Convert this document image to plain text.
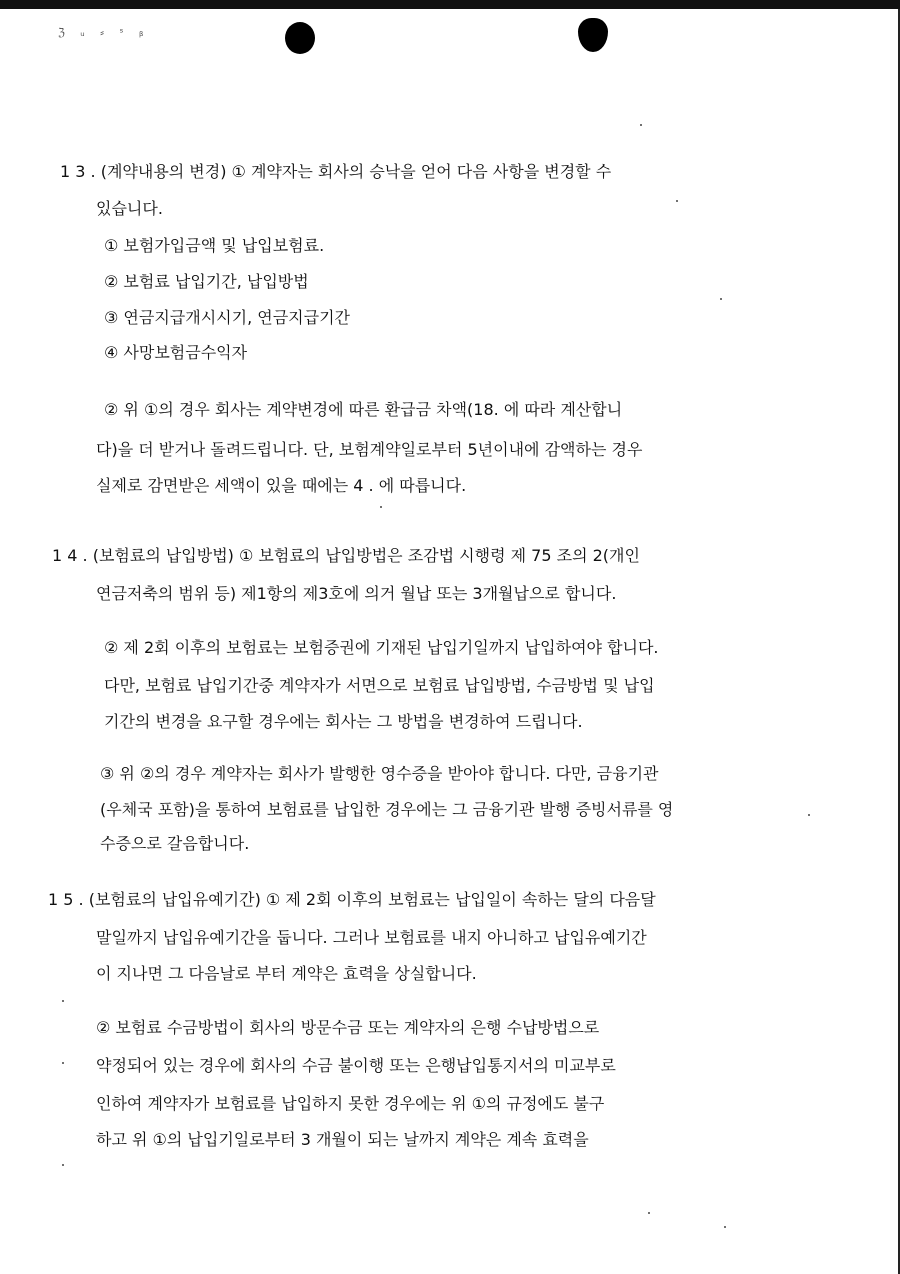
ℨ ᵤ ⸗ ˢ ᵦ
1 3 . (계약내용의 변경) ① 계약자는 회사의 승낙을 얻어 다음 사항을 변경할 수
있습니다.
① 보험가입금액 및 납입보험료.
② 보험료 납입기간, 납입방법
③ 연금지급개시시기, 연금지급기간
④ 사망보험금수익자
② 위 ①의 경우 회사는 계약변경에 따른 환급금 차액(18. 에 따라 계산합니
다)을 더 받거나 돌려드립니다. 단, 보험계약일로부터 5년이내에 감액하는 경우
실제로 감면받은 세액이 있을 때에는 4 . 에 따릅니다.
1 4 . (보험료의 납입방법) ① 보험료의 납입방법은 조감법 시행령 제 75 조의 2(개인
연금저축의 범위 등) 제1항의 제3호에 의거 월납 또는 3개월납으로 합니다.
② 제 2회 이후의 보험료는 보험증권에 기재된 납입기일까지 납입하여야 합니다.
다만, 보험료 납입기간중 계약자가 서면으로 보험료 납입방법, 수금방법 및 납입
기간의 변경을 요구할 경우에는 회사는 그 방법을 변경하여 드립니다.
③ 위 ②의 경우 계약자는 회사가 발행한 영수증을 받아야 합니다. 다만, 금융기관
(우체국 포함)을 통하여 보험료를 납입한 경우에는 그 금융기관 발행 증빙서류를 영
수증으로 갈음합니다.
1 5 . (보험료의 납입유예기간) ① 제 2회 이후의 보험료는 납입일이 속하는 달의 다음달
말일까지 납입유예기간을 둡니다. 그러나 보험료를 내지 아니하고 납입유예기간
이 지나면 그 다음날로 부터 계약은 효력을 상실합니다.
② 보험료 수금방법이 회사의 방문수금 또는 계약자의 은행 수납방법으로
약정되어 있는 경우에 회사의 수금 불이행 또는 은행납입통지서의 미교부로
인하여 계약자가 보험료를 납입하지 못한 경우에는 위 ①의 규정에도 불구
하고 위 ①의 납입기일로부터 3 개월이 되는 날까지 계약은 계속 효력을
